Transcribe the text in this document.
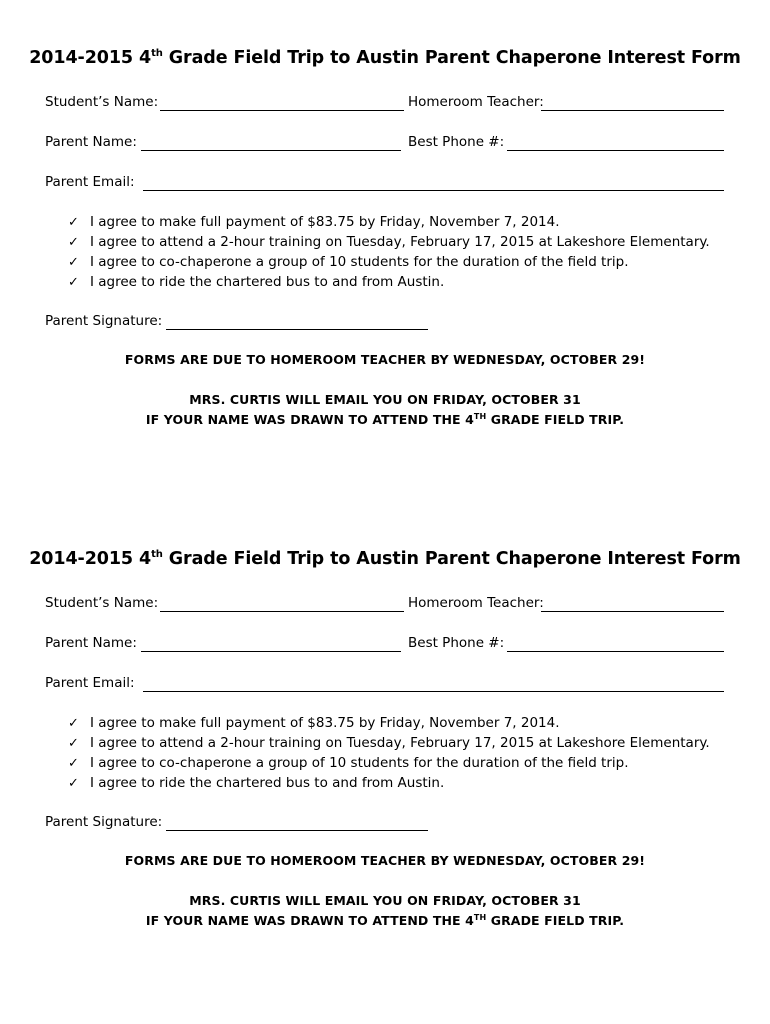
2014-2015 4th Grade Field Trip to Austin Parent Chaperone Interest Form
Student’s Name:	Homeroom Teacher:
Parent Name:	Best Phone #:
Parent Email:
✓ I agree to make full payment of $83.75 by Friday, November 7, 2014.
✓ I agree to attend a 2-hour training on Tuesday, February 17, 2015 at Lakeshore Elementary.
✓ I agree to co-chaperone a group of 10 students for the duration of the field trip.
✓ I agree to ride the chartered bus to and from Austin.
Parent Signature:
FORMS ARE DUE TO HOMEROOM TEACHER BY WEDNESDAY, OCTOBER 29!
MRS. CURTIS WILL EMAIL YOU ON FRIDAY, OCTOBER 31
IF YOUR NAME WAS DRAWN TO ATTEND THE 4TH GRADE FIELD TRIP.
2014-2015 4th Grade Field Trip to Austin Parent Chaperone Interest Form
Student’s Name:	Homeroom Teacher:
Parent Name:	Best Phone #:
Parent Email:
✓ I agree to make full payment of $83.75 by Friday, November 7, 2014.
✓ I agree to attend a 2-hour training on Tuesday, February 17, 2015 at Lakeshore Elementary.
✓ I agree to co-chaperone a group of 10 students for the duration of the field trip.
✓ I agree to ride the chartered bus to and from Austin.
Parent Signature:
FORMS ARE DUE TO HOMEROOM TEACHER BY WEDNESDAY, OCTOBER 29!
MRS. CURTIS WILL EMAIL YOU ON FRIDAY, OCTOBER 31
IF YOUR NAME WAS DRAWN TO ATTEND THE 4TH GRADE FIELD TRIP.
